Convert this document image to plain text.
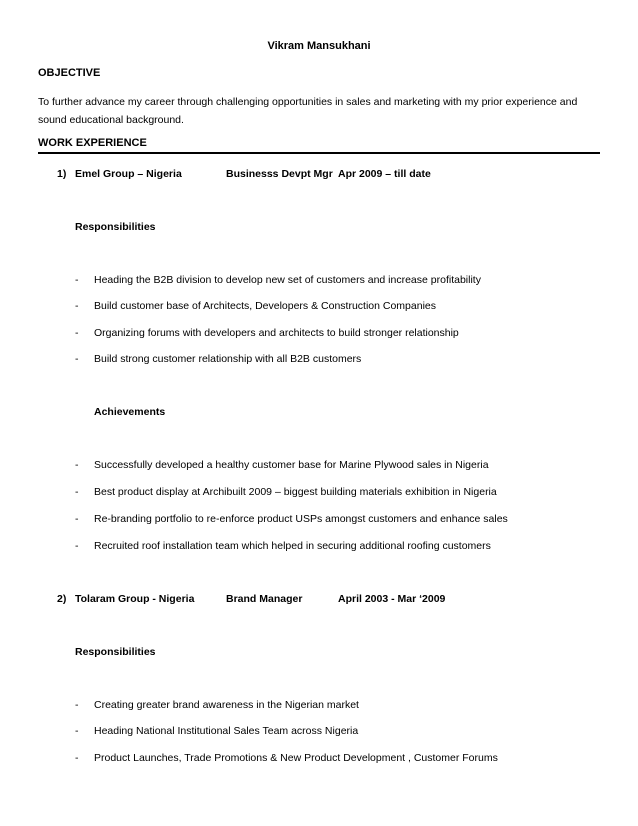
Vikram Mansukhani
OBJECTIVE
To further advance my career through challenging opportunities in sales and marketing with my prior experience and sound educational background.
WORK EXPERIENCE
1) Emel Group – Nigeria	Businesss Devpt Mgr Apr 2009 – till date
Responsibilities
- Heading the B2B division to develop new set of customers and increase profitability
- Build customer base of Architects, Developers & Construction Companies
- Organizing forums with developers and architects to build stronger relationship
- Build strong customer relationship with all B2B customers
Achievements
- Successfully developed a healthy customer base for Marine Plywood sales in Nigeria
- Best product display at Archibuilt 2009 – biggest building materials exhibition in Nigeria
- Re-branding portfolio to re-enforce product USPs amongst customers and enhance sales
- Recruited roof installation team which helped in securing additional roofing customers
2) Tolaram Group - Nigeria	Brand Manager	April 2003 - Mar ‘2009
Responsibilities
- Creating greater brand awareness in the Nigerian market
- Heading National Institutional Sales Team across Nigeria
- Product Launches, Trade Promotions & New Product Development , Customer Forums
